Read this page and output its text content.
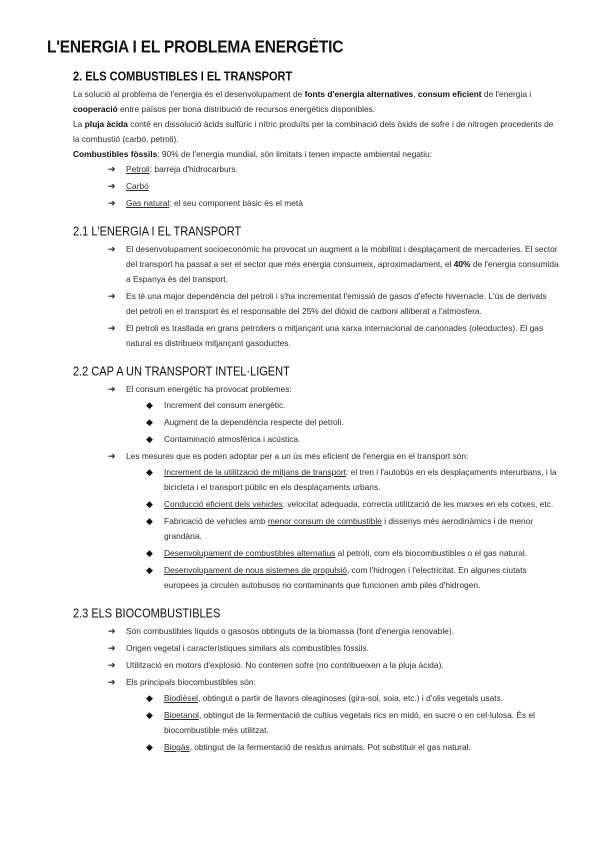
L'ENERGIA I EL PROBLEMA ENERGÈTIC
2. ELS COMBUSTIBLES I EL TRANSPORT
La solució al problema de l'energia és el desenvolupament de fonts d'energia alternatives, consum eficient de l'energia i cooperació entre països per bona distribució de recursos energètics disponibles.
La pluja àcida conté en dissolució àcids sulfúric i nítric produïts per la combinació dels òxids de sofre i de nitrogen procedents de la combustió (carbó, petroli).
Combustibles fòssils: 90% de l'energia mundial, són limitats i tenen impacte ambiental negatiu:
➔ Petroli: barreja d'hidrocarburs.
➔ Carbó
➔ Gas natural: el seu component bàsic és el metà
2.1 L'ENERGIA I EL TRANSPORT
➔ El desenvolupament socioeconòmic ha provocat un augment a la mobilitat i desplaçament de mercaderies. El sector del transport ha passat a ser el sector que més energia consumeix, aproximadament, el 40% de l'energia consumida a Espanya és del transport.
➔ Es té una major dependència del petroli i s'ha incrementat l'emissió de gasos d'efecte hivernacle. L'ús de derivats del petroli en el transport és el responsable del 25% del diòxid de carboni alliberat a l'atmosfera.
➔ El petroli es trasllada en grans petroliers o mitjançant una xarxa internacional de canonades (oleoductes). El gas natural es distribueix mitjançant gasoductes.
2.2 CAP A UN TRANSPORT INTEL·LIGENT
➔ El consum energètic ha provocat problemes:
◆ Increment del consum energètic.
◆ Augment de la dependència respecte del petroli.
◆ Contaminació atmosfèrica i acústica.
➔ Les mesures que es poden adoptar per a un ús més eficient de l'energia en el transport són:
◆ Increment de la utilització de mitjans de transport: el tren i l'autobús en els desplaçaments interurbans, i la bicicleta i el transport públic en els desplaçaments urbans.
◆ Conducció eficient dels vehicles: velocitat adequada, correcta utilització de les marxes en els cotxes, etc.
◆ Fabricació de vehicles amb menor consum de combustible i dissenys més aerodinàmics i de menor grandària.
◆ Desenvolupament de combustibles alternatius al petroli, com els biocombustibles o el gas natural.
◆ Desenvolupament de nous sistemes de propulsió, com l'hidrogen i l'electricitat. En algunes ciutats europees ja circulen autobusos no contaminants que funcionen amb piles d'hidrogen.
2.3 ELS BIOCOMBUSTIBLES
➔ Són combustibles líquids o gasosos obtinguts de la biomassa (font d'energia renovable).
➔ Origen vegetal i característiques similars als combustibles fòssils.
➔ Utilització en motors d'explosió. No contenen sofre (no contribueixen a la pluja àcida).
➔ Els principals biocombustibles són:
◆ Biodièsel, obtingut a partir de llavors oleaginoses (gira-sol, soia, etc.) i d'olis vegetals usats.
◆ Bioetanol, obtingut de la fermentació de cultius vegetals rics en midó, en sucre o en cel·lulosa. És el biocombustible més utilitzat.
◆ Biogàs, obtingut de la fermentació de residus animals. Pot substituir el gas natural.
